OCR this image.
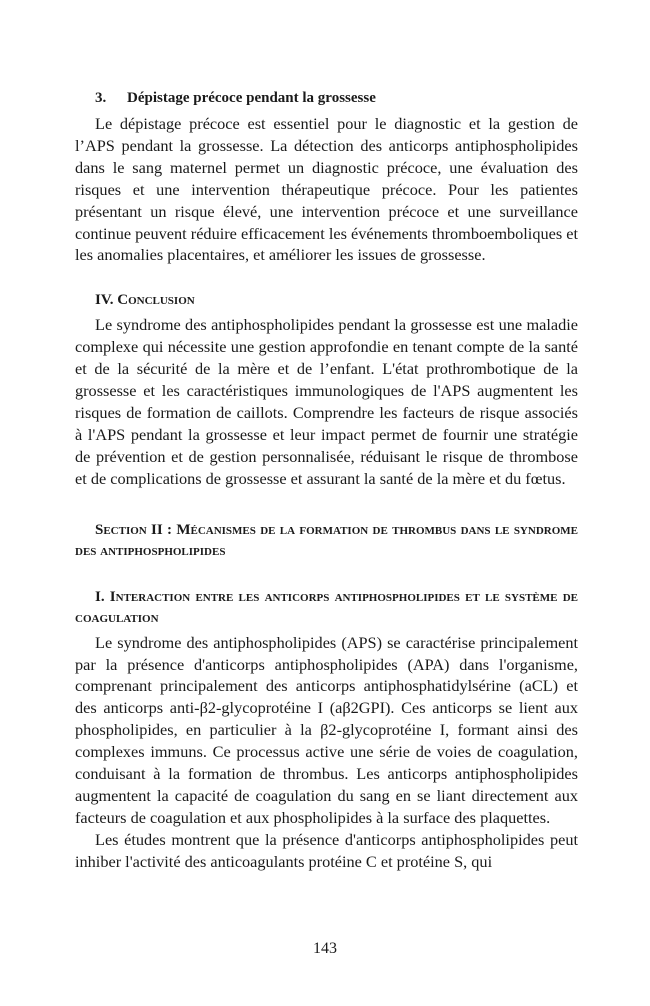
3. Dépistage précoce pendant la grossesse

Le dépistage précoce est essentiel pour le diagnostic et la gestion de l’APS pendant la grossesse. La détection des anticorps antiphospholipides dans le sang maternel permet un diagnostic précoce, une évaluation des risques et une intervention thérapeutique précoce. Pour les patientes présentant un risque élevé, une intervention précoce et une surveillance continue peuvent réduire efficacement les événements thromboemboliques et les anomalies placentaires, et améliorer les issues de grossesse.

IV. Conclusion

Le syndrome des antiphospholipides pendant la grossesse est une maladie complexe qui nécessite une gestion approfondie en tenant compte de la santé et de la sécurité de la mère et de l’enfant. L'état prothrombotique de la grossesse et les caractéristiques immunologiques de l'APS augmentent les risques de formation de caillots. Comprendre les facteurs de risque associés à l'APS pendant la grossesse et leur impact permet de fournir une stratégie de prévention et de gestion personnalisée, réduisant le risque de thrombose et de complications de grossesse et assurant la santé de la mère et du fœtus.

Section II : Mécanismes de la formation de thrombus dans le syndrome des antiphospholipides
I. Interaction entre les anticorps antiphospholipides et le système de coagulation

Le syndrome des antiphospholipides (APS) se caractérise principalement par la présence d'anticorps antiphospholipides (APA) dans l'organisme, comprenant principalement des anticorps antiphosphatidylsérine (aCL) et des anticorps anti-β2-glycoprotéine I (aβ2GPI). Ces anticorps se lient aux phospholipides, en particulier à la β2-glycoprotéine I, formant ainsi des complexes immuns. Ce processus active une série de voies de coagulation, conduisant à la formation de thrombus. Les anticorps antiphospholipides augmentent la capacité de coagulation du sang en se liant directement aux facteurs de coagulation et aux phospholipides à la surface des plaquettes.

Les études montrent que la présence d'anticorps antiphospholipides peut inhiber l'activité des anticoagulants protéine C et protéine S, qui

143
